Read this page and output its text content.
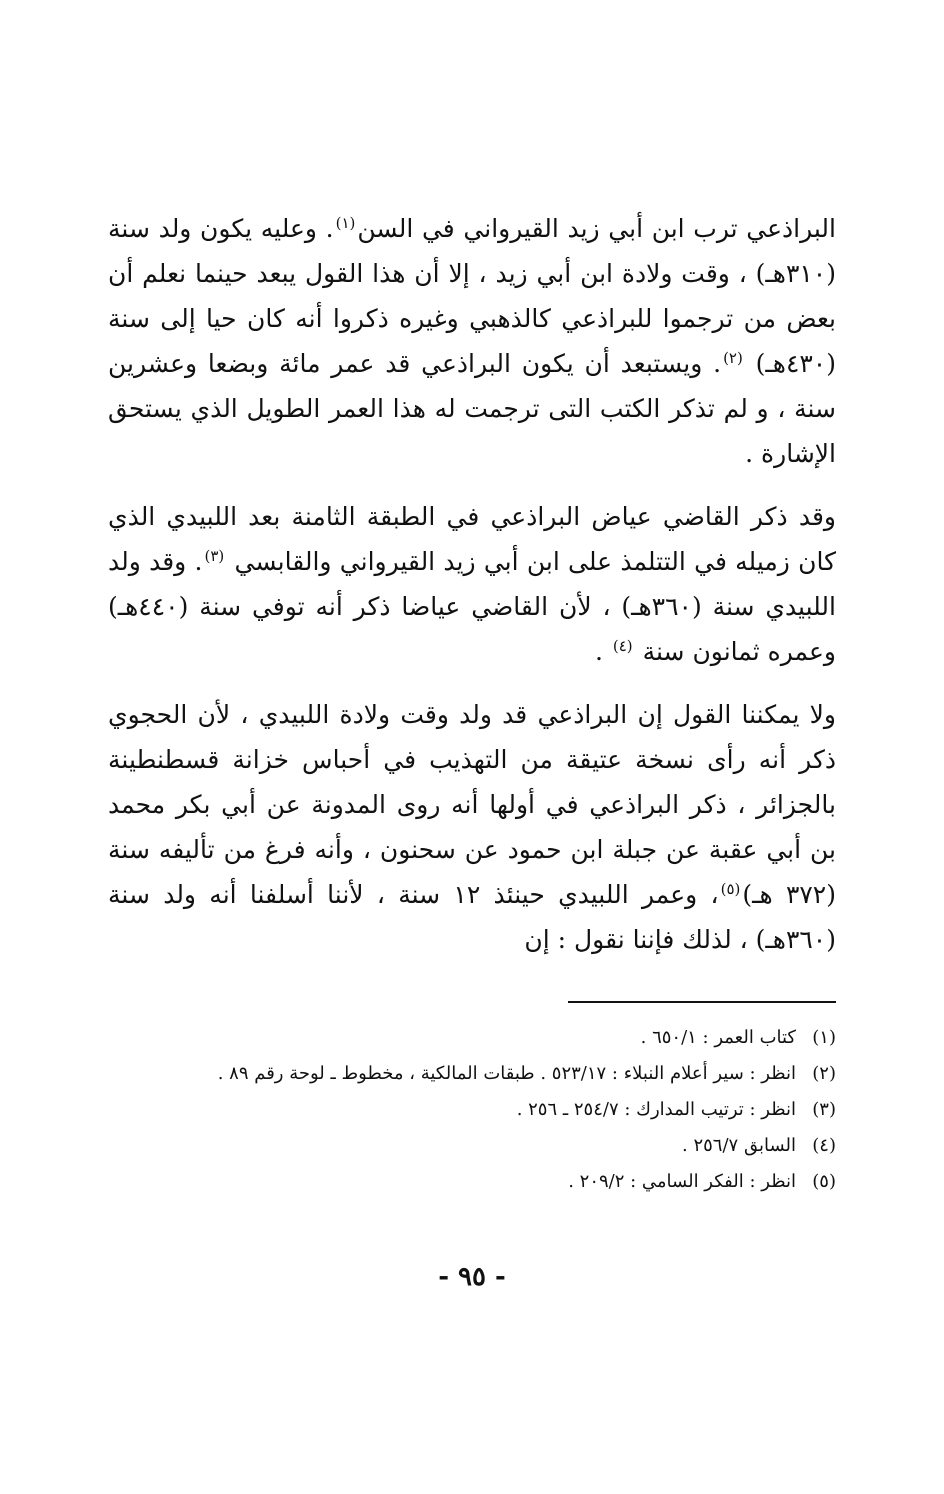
البراذعي ترب ابن أبي زيد القيرواني في السن$^{(١)}$. وعليه يكون ولد سنة (٣١٠هـ) ، وقت ولادة ابن أبي زيد ، إلا أن هذا القول يبعد حينما نعلم أن بعض من ترجموا للبراذعي كالذهبي وغيره ذكروا أنه كان حيا إلى سنة (٤٣٠هـ) $^{(٢)}$. ويستبعد أن يكون البراذعي قد عمر مائة وبضعا وعشرين سنة ، و لم تذكر الكتب التى ترجمت له هذا العمر الطويل الذي يستحق الإشارة .

وقد ذكر القاضي عياض البراذعي في الطبقة الثامنة بعد اللبيدي الذي كان زميله في التتلمذ على ابن أبي زيد القيرواني والقابسي $^{(٣)}$. وقد ولد اللبيدي سنة (٣٦٠هـ) ، لأن القاضي عياضا ذكر أنه توفي سنة (٤٤٠هـ) وعمره ثمانون سنة $^{(٤)}$ .

ولا يمكننا القول إن البراذعي قد ولد وقت ولادة اللبيدي ، لأن الحجوي ذكر أنه رأى نسخة عتيقة من التهذيب في أحباس خزانة قسطنطينة بالجزائر ، ذكر البراذعي في أولها أنه روى المدونة عن أبي بكر محمد بن أبي عقبة عن جبلة ابن حمود عن سحنون ، وأنه فرغ من تأليفه سنة (٣٧٢ هـ)$^{(٥)}$، وعمر اللبيدي حينئذ ١٢ سنة ، لأننا أسلفنا أنه ولد سنة (٣٦٠هـ) ، لذلك فإننا نقول : إن

(١)كتاب العمر : ٦٥٠/١ .
(٢)انظر : سير أعلام النبلاء : ٥٢٣/١٧ . طبقات المالكية ، مخطوط ـ لوحة رقم ٨٩ .
(٣)انظر : ترتيب المدارك : ٢٥٤/٧ ـ ٢٥٦ .
(٤)السابق ٢٥٦/٧ .
(٥)انظر : الفكر السامي : ٢٠٩/٢ .
- ٩٥ -
